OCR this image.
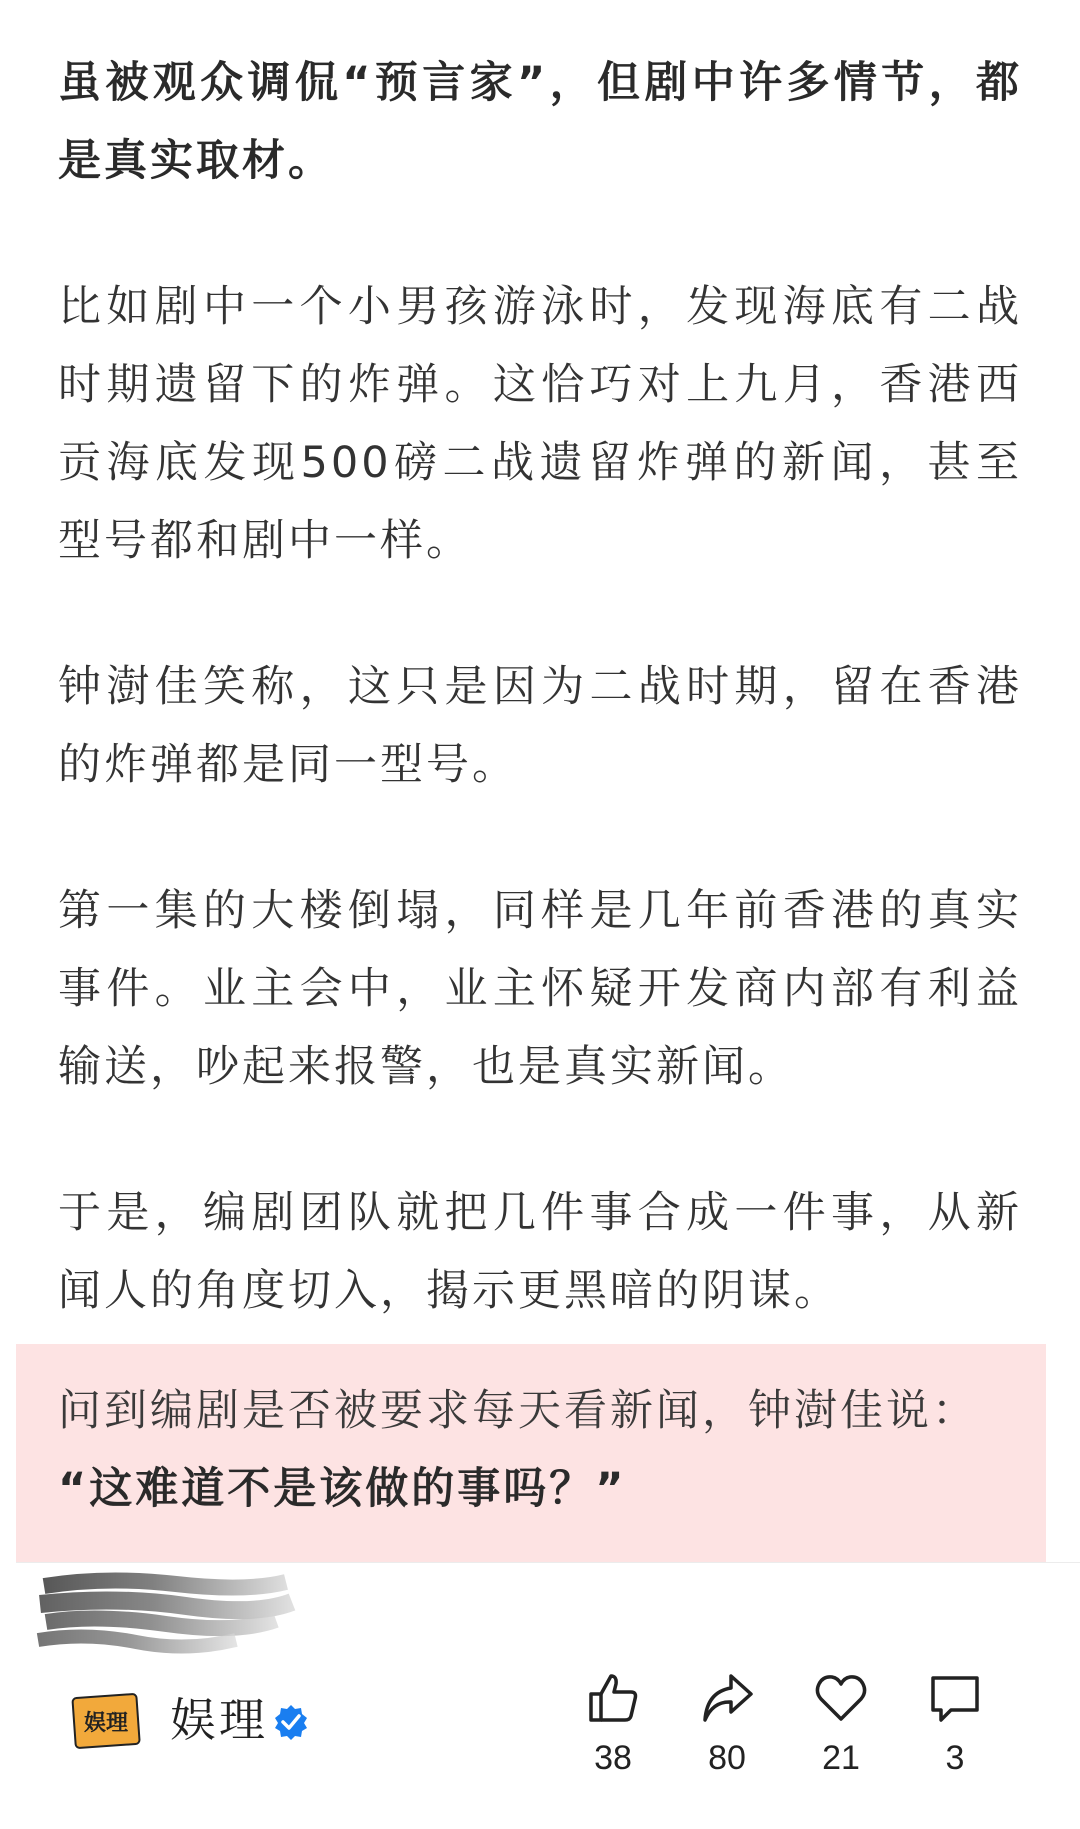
虽被观众调侃“预言家”，但剧中许多情节，都是真实取材。

比如剧中一个小男孩游泳时，发现海底有二战时期遗留下的炸弹。这恰巧对上九月，香港西贡海底发现500磅二战遗留炸弹的新闻，甚至型号都和剧中一样。

钟澍佳笑称，这只是因为二战时期，留在香港的炸弹都是同一型号。

第一集的大楼倒塌，同样是几年前香港的真实事件。业主会中，业主怀疑开发商内部有利益输送，吵起来报警，也是真实新闻。

于是，编剧团队就把几件事合成一件事，从新闻人的角度切入，揭示更黑暗的阴谋。

问到编剧是否被要求每天看新闻，钟澍佳说：
“这难道不是该做的事吗？”
娱理 娱理
38	80	21	3
